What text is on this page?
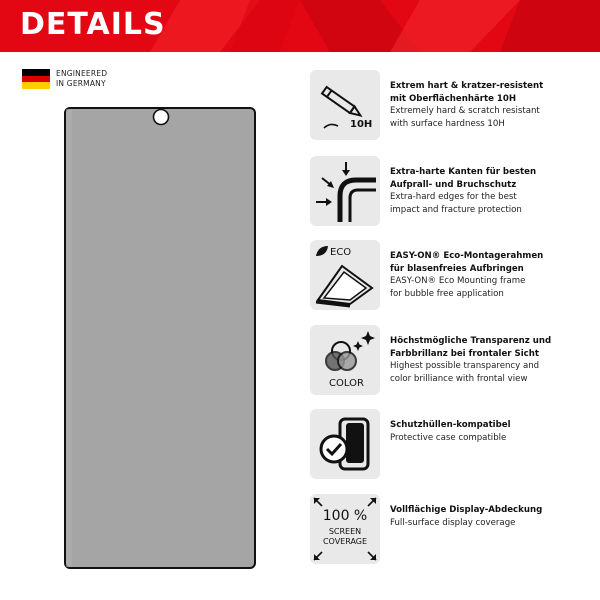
DETAILS
ENGINEERED
IN GERMANY
10H
Extrem hart & kratzer-resistent
mit Oberflächenhärte 10H
Extremely hard & scratch resistant
with surface hardness 10H
Extra-harte Kanten für besten
Aufprall- und Bruchschutz
Extra-hard edges for the best
impact and fracture protection
ECO	EASY-ON® Eco-Montagerahmen
für blasenfreies Aufbringen
EASY-ON® Eco Mounting frame
for bubble free application
COLOR
Höchstmögliche Transparenz und
Farbbrillanz bei frontaler Sicht
Highest possible transparency and
color brilliance with frontal view
Schutzhüllen-kompatibel
Protective case compatible
100 %
SCREEN
COVERAGE
Vollflächige Display-Abdeckung
Full-surface display coverage
